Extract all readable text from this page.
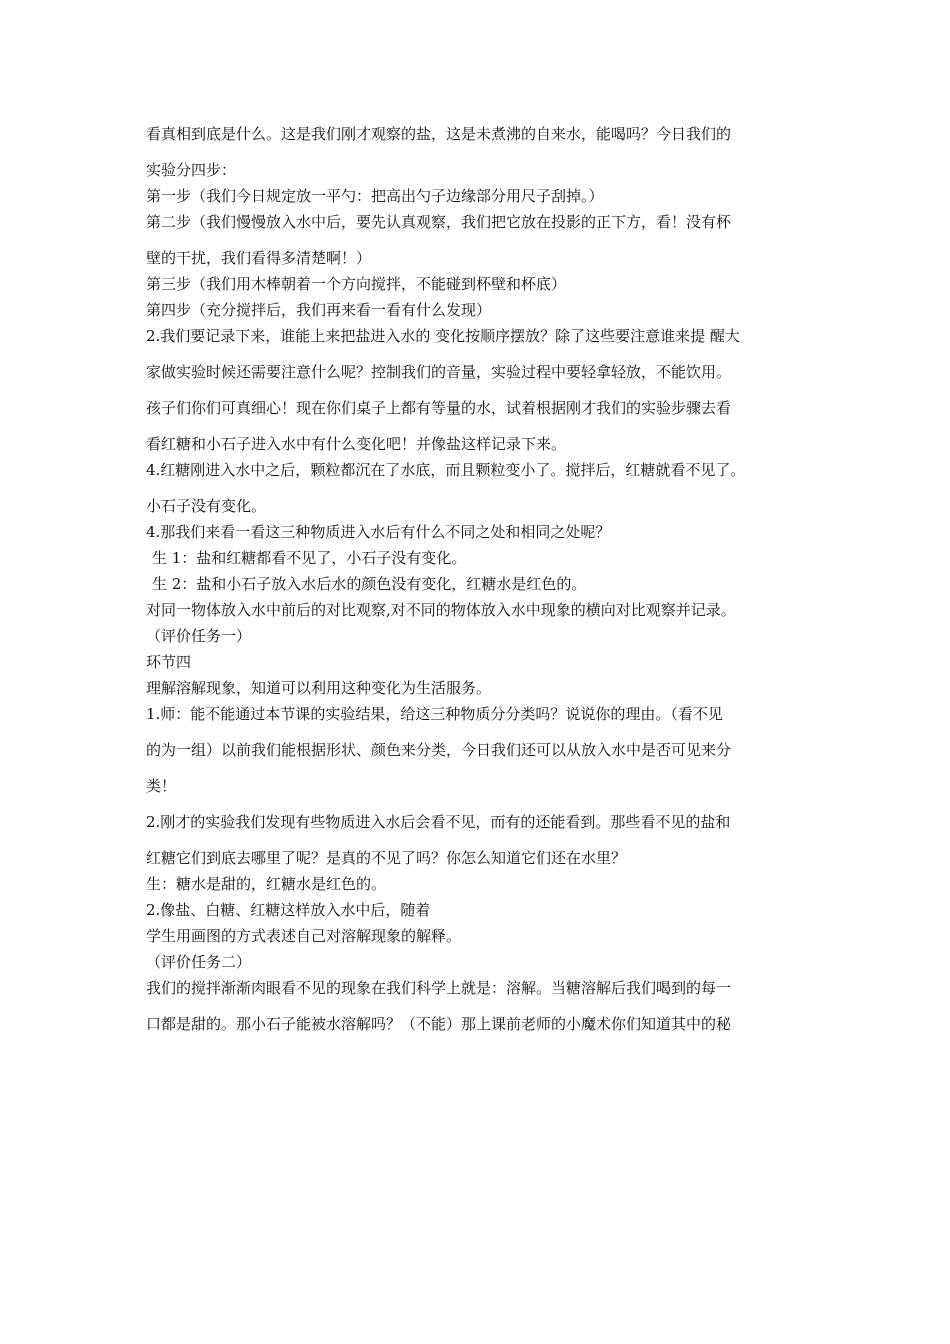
看真相到底是什么。这是我们刚才观察的盐，这是未煮沸的自来水，能喝吗？今日我们的

实验分四步：

第一步（我们今日规定放一平勺：把高出勺子边缘部分用尺子刮掉。）

第二步（我们慢慢放入水中后，要先认真观察，我们把它放在投影的正下方，看！没有杯

壁的干扰，我们看得多清楚啊！）

第三步（我们用木棒朝着一个方向搅拌，不能碰到杯壁和杯底）

第四步（充分搅拌后，我们再来看一看有什么发现）

2.我们要记录下来，谁能上来把盐进入水的 变化按顺序摆放？除了这些要注意谁来提 醒大

家做实验时候还需要注意什么呢？控制我们的音量，实验过程中要轻拿轻放，不能饮用。

孩子们你们可真细心！现在你们桌子上都有等量的水，试着根据刚才我们的实验步骤去看

看红糖和小石子进入水中有什么变化吧！并像盐这样记录下来。

4.红糖刚进入水中之后，颗粒都沉在了水底，而且颗粒变小了。搅拌后，红糖就看不见了。

小石子没有变化。

4.那我们来看一看这三种物质进入水后有什么不同之处和相同之处呢？

生 1：盐和红糖都看不见了，小石子没有变化。

生 2：盐和小石子放入水后水的颜色没有变化，红糖水是红色的。

对同一物体放入水中前后的对比观察,对不同的物体放入水中现象的横向对比观察并记录。

（评价任务一）

环节四

理解溶解现象，知道可以利用这种变化为生活服务。

1.师：能不能通过本节课的实验结果，给这三种物质分分类吗？说说你的理由。（看不见

的为一组）以前我们能根据形状、颜色来分类，今日我们还可以从放入水中是否可见来分

类！

2.刚才的实验我们发现有些物质进入水后会看不见，而有的还能看到。那些看不见的盐和

红糖它们到底去哪里了呢？是真的不见了吗？你怎么知道它们还在水里？

生：糖水是甜的，红糖水是红色的。

2.像盐、白糖、红糖这样放入水中后，随着

学生用画图的方式表述自己对溶解现象的解释。

（评价任务二）

我们的搅拌渐渐肉眼看不见的现象在我们科学上就是：溶解。当糖溶解后我们喝到的每一

口都是甜的。那小石子能被水溶解吗？（不能）那上课前老师的小魔术你们知道其中的秘
